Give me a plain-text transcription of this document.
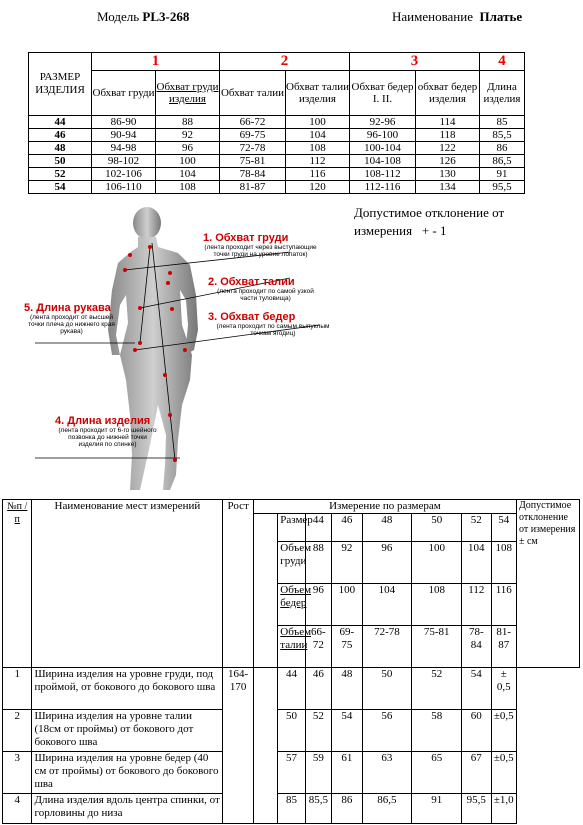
Модель PL3-268	Наименование Платье
РАЗМЕР ИЗДЕЛИЯ	1		2		3		4
	Обхват груди	Обхват груди изделия	Обхват талии	Обхват талии изделия	Обхват бедер I. II.	обхват бедер изделия	Длина изделия
44	86-90	88	66-72	100	92-96	114	85
46	90-94	92	69-75	104	96-100	118	85,5
48	94-98	96	72-78	108	100-104	122	86
50	98-102	100	75-81	112	104-108	126	86,5
52	102-106	104	78-84	116	108-112	130	91
54	106-110	108	81-87	120	112-116	134	95,5
Допустимое отклонение от
измерения + - 1
1. Обхват груди
(лента проходит через выступающие точки груди на уровне лопаток)
2. Обхват талии
(лента проходит по самой узкой части туловища)
3. Обхват бедер
(лента проходит по самым выпуклым точкам ягодиц)
5. Длина рукава
(лента проходит от высшей точки плеча до нижнего края рукава)
4. Длина изделия
(лента проходит от 6-го шейного позвонка до нижней точки изделия по спинке)
№п /п	Наименование мест измерений	Рост	Измерение по размерам								Допустимое отклонение от измерения ± см
				Размер	44	46	48	50	52	54	
				Объем груди	88	92	96	100	104	108	
				Объем бедер	96	100	104	108	112	116	
				Объем талии	66-72	69-75	72-78	75-81	78-84	81-87	
1	Ширина изделия на уровне груди, под проймой, от бокового до бокового шва	164-170		44	46	48	50	52	54	± 0,5	
2	Ширина изделия на уровне талии (18см от проймы) от бокового дот бокового шва			50	52	54	56	58	60	±0,5	
3	Ширина изделия на уровне бедер (40 см от проймы) от бокового до бокового шва			57	59	61	63	65	67	±0,5	
4	Длина изделия вдоль центра спинки, от горловины до низа			85	85,5	86	86,5	91	95,5	±1,0	
